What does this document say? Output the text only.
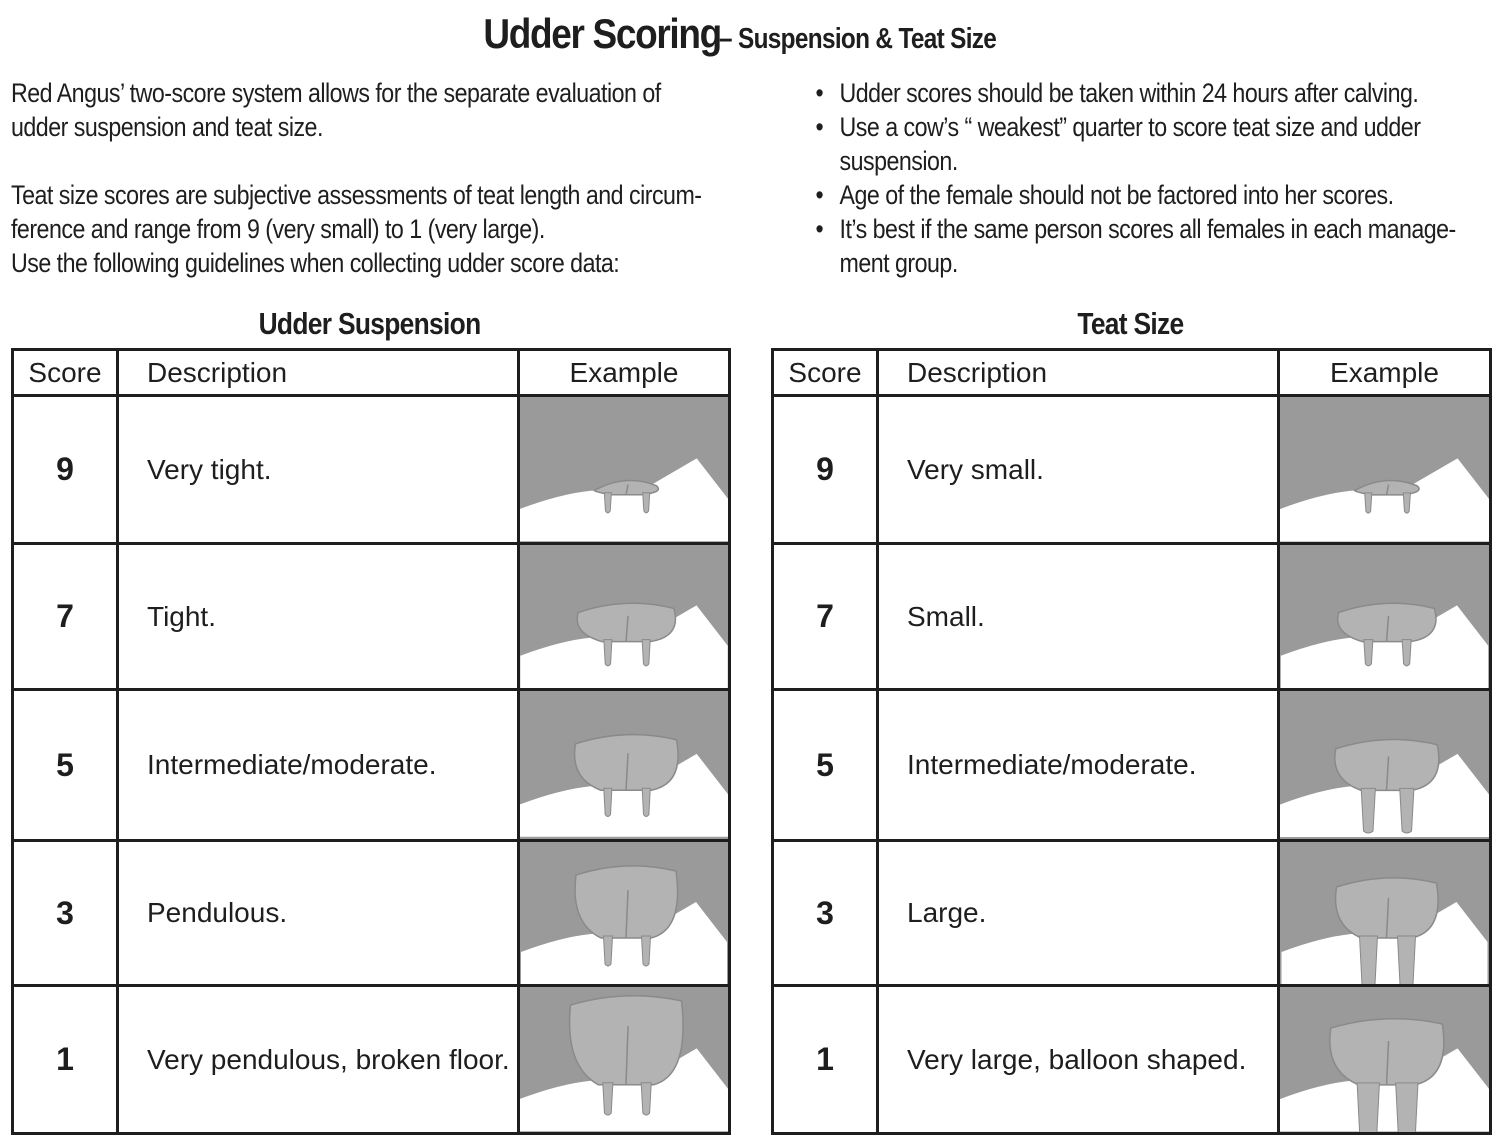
Udder Scoring – Suspension & Teat Size

Red Angus’ two-score system allows for the separate evaluation of

udder suspension and teat size.

Teat size scores are subjective assessments of teat length and circum-

ference and range from 9 (very small) to 1 (very large).

Use the following guidelines when collecting udder score data:

• Udder scores should be taken within 24 hours after calving.
• Use a cow’s “ weakest” quarter to score teat size and udder
suspension.
• Age of the female should not be factored into her scores.
• It’s best if the same person scores all females in each manage-
ment group.
Udder Suspension
Score	Description	Example
9	Very tight.	

7	Tight.	

5	Intermediate/moderate.	

3	Pendulous.	

1	Very pendulous, broken floor.	
Teat Size
Score	Description	Example
9	Very small.	

7	Small.	

5	Intermediate/moderate.	

3	Large.	

1	Very large, balloon shaped.	
